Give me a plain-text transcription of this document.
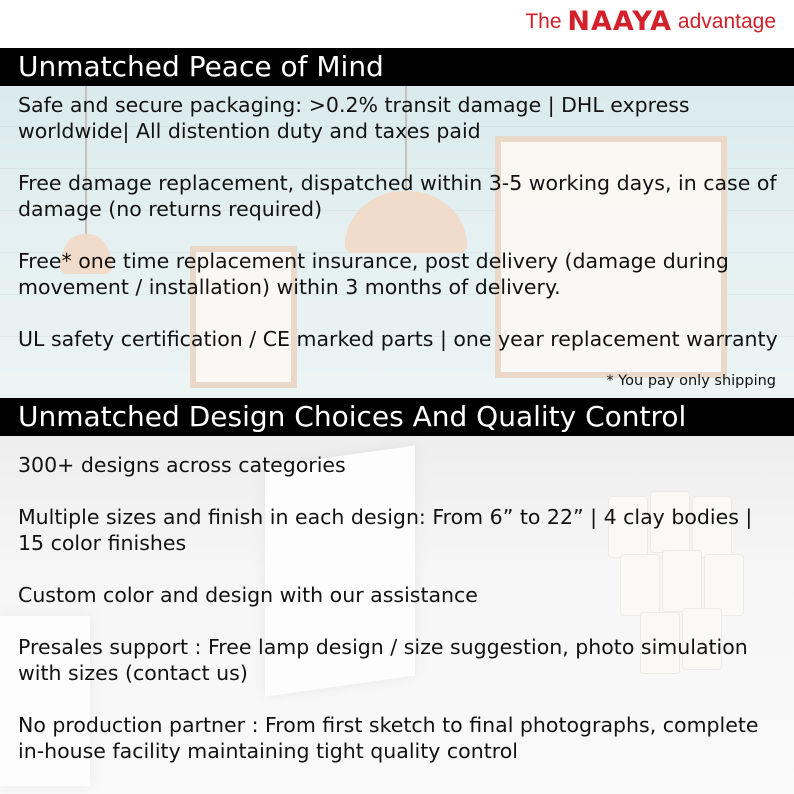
The NAAYA advantage
Unmatched Peace of Mind
Safe and secure packaging: >0.2% transit damage | DHL express worldwide| All distention duty and taxes paid
Free damage replacement, dispatched within 3-5 working days, in case of damage (no returns required)
Free* one time replacement insurance, post delivery (damage during movement / installation) within 3 months of delivery.
UL safety certification / CE marked parts | one year replacement warranty
* You pay only shipping
Unmatched Design Choices And Quality Control
300+ designs across categories
Multiple sizes and finish in each design: From 6” to 22” | 4 clay bodies | 15 color finishes
Custom color and design with our assistance
Presales support : Free lamp design / size suggestion, photo simulation with sizes (contact us)
No production partner : From first sketch to final photographs, complete in-house facility maintaining tight quality control
